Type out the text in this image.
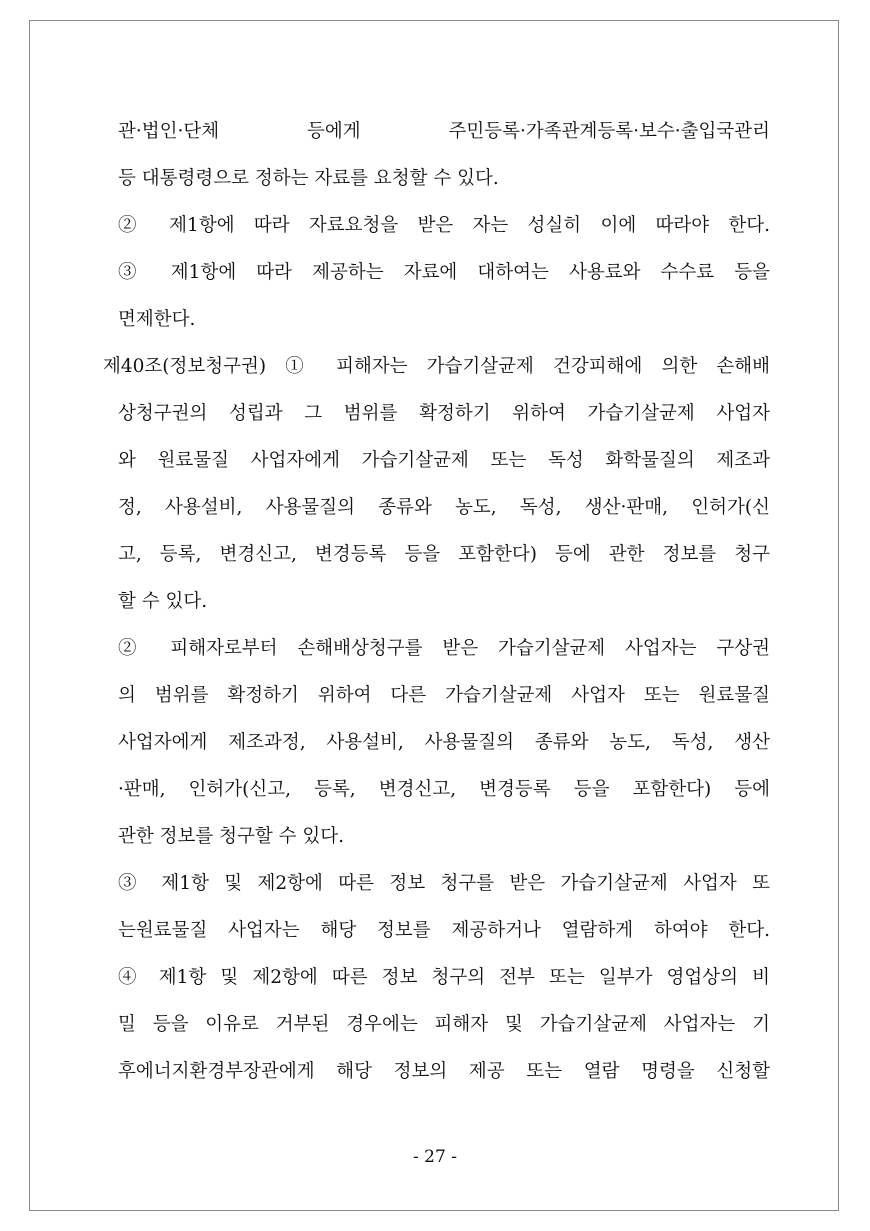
관·법인·단체 등에게 주민등록·가족관계등록·보수·출입국관리
등 대통령령으로 정하는 자료를 요청할 수 있다.
② 제1항에 따라 자료요청을 받은 자는 성실히 이에 따라야 한다.
③ 제1항에 따라 제공하는 자료에 대하여는 사용료와 수수료 등을
면제한다.
제40조(정보청구권) ① 피해자는 가습기살균제 건강피해에 의한 손해배
상청구권의 성립과 그 범위를 확정하기 위하여 가습기살균제 사업자
와 원료물질 사업자에게 가습기살균제 또는 독성 화학물질의 제조과
정, 사용설비, 사용물질의 종류와 농도, 독성, 생산·판매, 인허가(신
고, 등록, 변경신고, 변경등록 등을 포함한다) 등에 관한 정보를 청구
할 수 있다.
② 피해자로부터 손해배상청구를 받은 가습기살균제 사업자는 구상권
의 범위를 확정하기 위하여 다른 가습기살균제 사업자 또는 원료물질
사업자에게 제조과정, 사용설비, 사용물질의 종류와 농도, 독성, 생산
·판매, 인허가(신고, 등록, 변경신고, 변경등록 등을 포함한다) 등에
관한 정보를 청구할 수 있다.
③ 제1항 및 제2항에 따른 정보 청구를 받은 가습기살균제 사업자 또
는원료물질 사업자는 해당 정보를 제공하거나 열람하게 하여야 한다.
④ 제1항 및 제2항에 따른 정보 청구의 전부 또는 일부가 영업상의 비
밀 등을 이유로 거부된 경우에는 피해자 및 가습기살균제 사업자는 기
후에너지환경부장관에게 해당 정보의 제공 또는 열람 명령을 신청할
- 27 -
